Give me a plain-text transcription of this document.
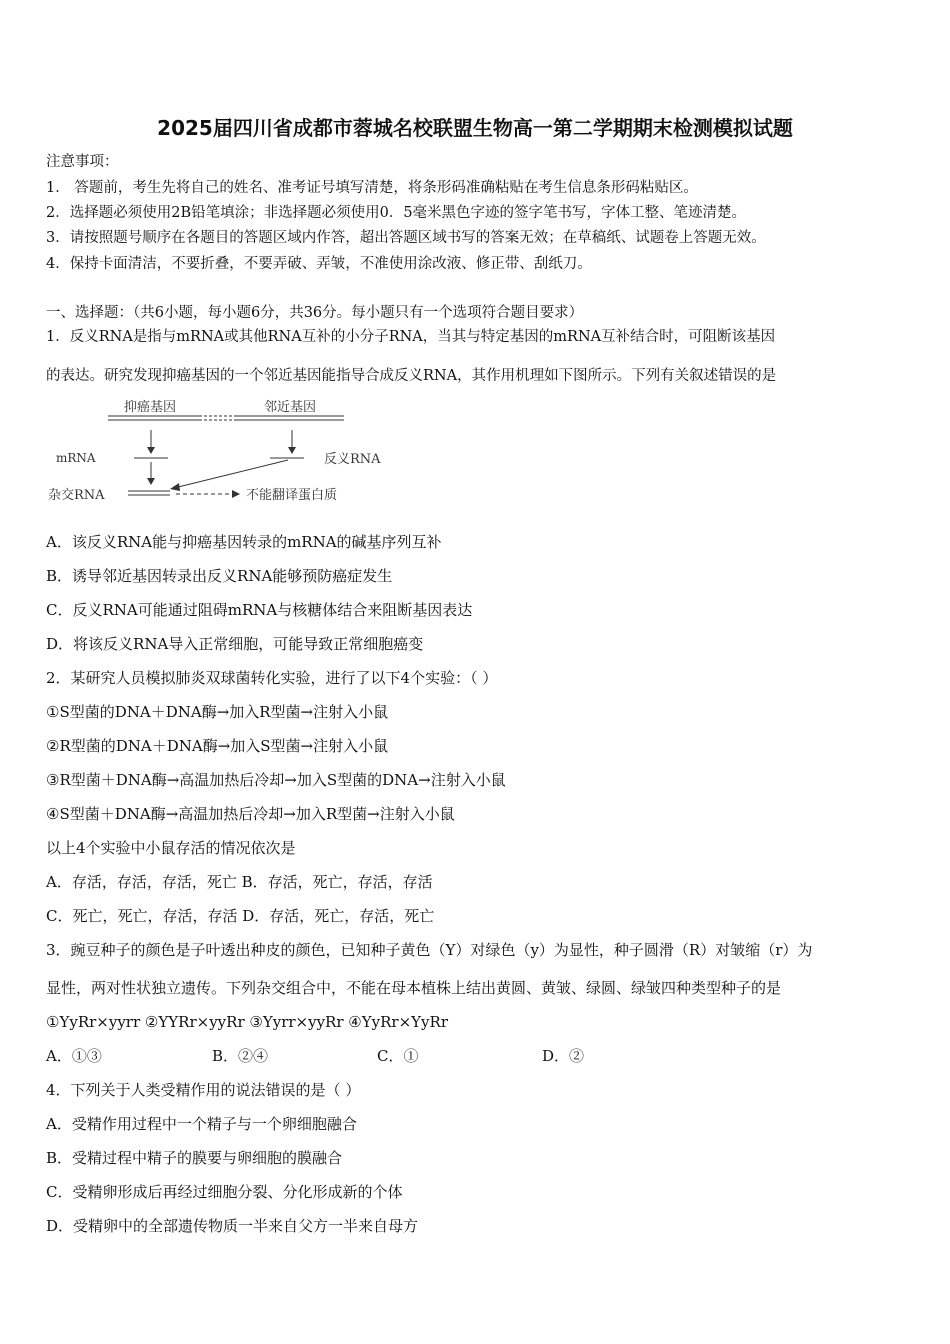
2025届四川省成都市蓉城名校联盟生物高一第二学期期末检测模拟试题
注意事项：
1． 答题前，考生先将自己的姓名、准考证号填写清楚，将条形码准确粘贴在考生信息条形码粘贴区。
2．选择题必须使用2B铅笔填涂；非选择题必须使用0．5毫米黑色字迹的签字笔书写，字体工整、笔迹清楚。
3．请按照题号顺序在各题目的答题区域内作答，超出答题区域书写的答案无效；在草稿纸、试题卷上答题无效。
4．保持卡面清洁，不要折叠，不要弄破、弄皱，不准使用涂改液、修正带、刮纸刀。
一、选择题：（共6小题，每小题6分，共36分。每小题只有一个选项符合题目要求）
1．反义RNA是指与mRNA或其他RNA互补的小分子RNA，当其与特定基因的mRNA互补结合时，可阻断该基因
的表达。研究发现抑癌基因的一个邻近基因能指导合成反义RNA，其作用机理如下图所示。下列有关叙述错误的是
抑癌基因	邻近基因
mRNA	反义RNA
杂交RNA	不能翻译蛋白质
A．该反义RNA能与抑癌基因转录的mRNA的碱基序列互补
B．诱导邻近基因转录出反义RNA能够预防癌症发生
C．反义RNA可能通过阻碍mRNA与核糖体结合来阻断基因表达
D．将该反义RNA导入正常细胞，可能导致正常细胞癌变
2．某研究人员模拟肺炎双球菌转化实验，进行了以下4个实验：（ ）
①S型菌的DNA＋DNA酶→加入R型菌→注射入小鼠
②R型菌的DNA＋DNA酶→加入S型菌→注射入小鼠
③R型菌＋DNA酶→高温加热后冷却→加入S型菌的DNA→注射入小鼠
④S型菌＋DNA酶→高温加热后冷却→加入R型菌→注射入小鼠
以上4个实验中小鼠存活的情况依次是
A．存活，存活，存活，死亡 B．存活，死亡，存活，存活
C．死亡，死亡，存活，存活 D．存活，死亡，存活，死亡
3．豌豆种子的颜色是子叶透出种皮的颜色，已知种子黄色（Y）对绿色（y）为显性，种子圆滑（R）对皱缩（r）为
显性，两对性状独立遗传。下列杂交组合中，不能在母本植株上结出黄圆、黄皱、绿圆、绿皱四种类型种子的是
①YyRr×yyrr ②YYRr×yyRr ③Yyrr×yyRr ④YyRr×YyRr
A．①③	B．②④	C．①	D．②
4．下列关于人类受精作用的说法错误的是（ ）
A．受精作用过程中一个精子与一个卵细胞融合
B．受精过程中精子的膜要与卵细胞的膜融合
C．受精卵形成后再经过细胞分裂、分化形成新的个体
D．受精卵中的全部遗传物质一半来自父方一半来自母方
